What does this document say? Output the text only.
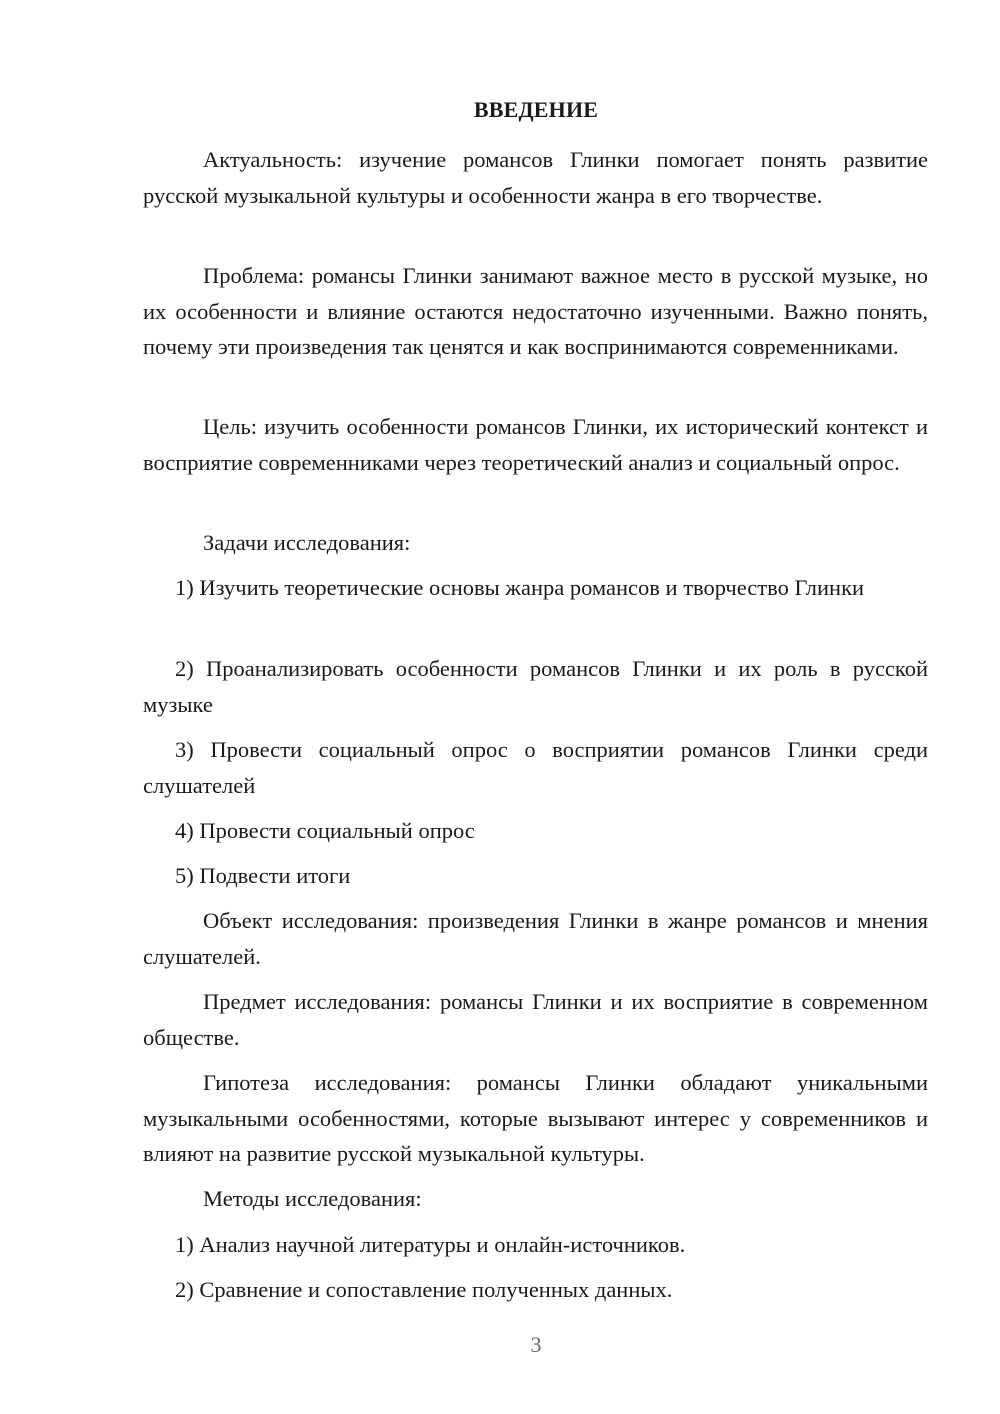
ВВЕДЕНИЕ

Актуальность: изучение романсов Глинки помогает понять развитие русской музыкальной культуры и особенности жанра в его творчестве.

Проблема: романсы Глинки занимают важное место в русской музыке, но их особенности и влияние остаются недостаточно изученными. Важно понять, почему эти произведения так ценятся и как воспринимаются современниками.

Цель: изучить особенности романсов Глинки, их исторический контекст и восприятие современниками через теоретический анализ и социальный опрос.

Задачи исследования:

1) Изучить теоретические основы жанра романсов и творчество Глинки

2) Проанализировать особенности романсов Глинки и их роль в русской музыке

3) Провести социальный опрос о восприятии романсов Глинки среди слушателей

4) Провести социальный опрос

5) Подвести итоги

Объект исследования: произведения Глинки в жанре романсов и мнения слушателей.

Предмет исследования: романсы Глинки и их восприятие в современном обществе.

Гипотеза исследования: романсы Глинки обладают уникальными музыкальными особенностями, которые вызывают интерес у современников и влияют на развитие русской музыкальной культуры.

Методы исследования:

1) Анализ научной литературы и онлайн-источников.

2) Сравнение и сопоставление полученных данных.

3
